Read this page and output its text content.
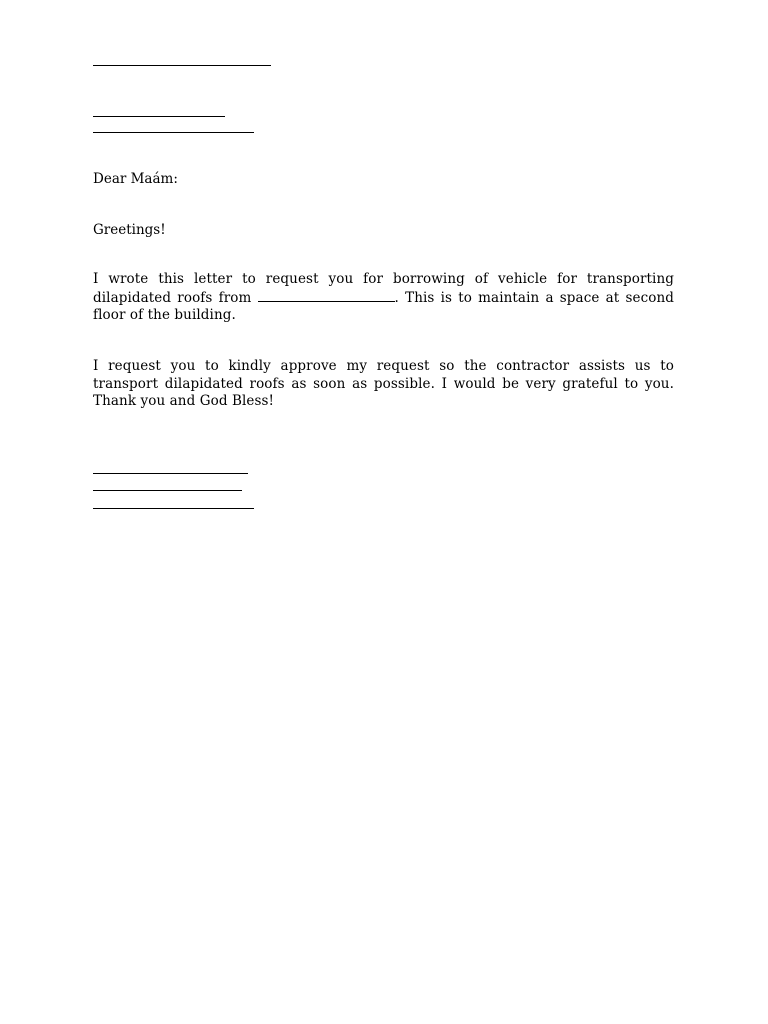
Dear Maám:
Greetings!
I wrote this letter to request you for borrowing of vehicle for transporting dilapidated roofs from	. This is to maintain a space at second floor of the building.
I request you to kindly approve my request so the contractor assists us to transport dilapidated roofs as soon as possible. I would be very grateful to you. Thank you and God Bless!
